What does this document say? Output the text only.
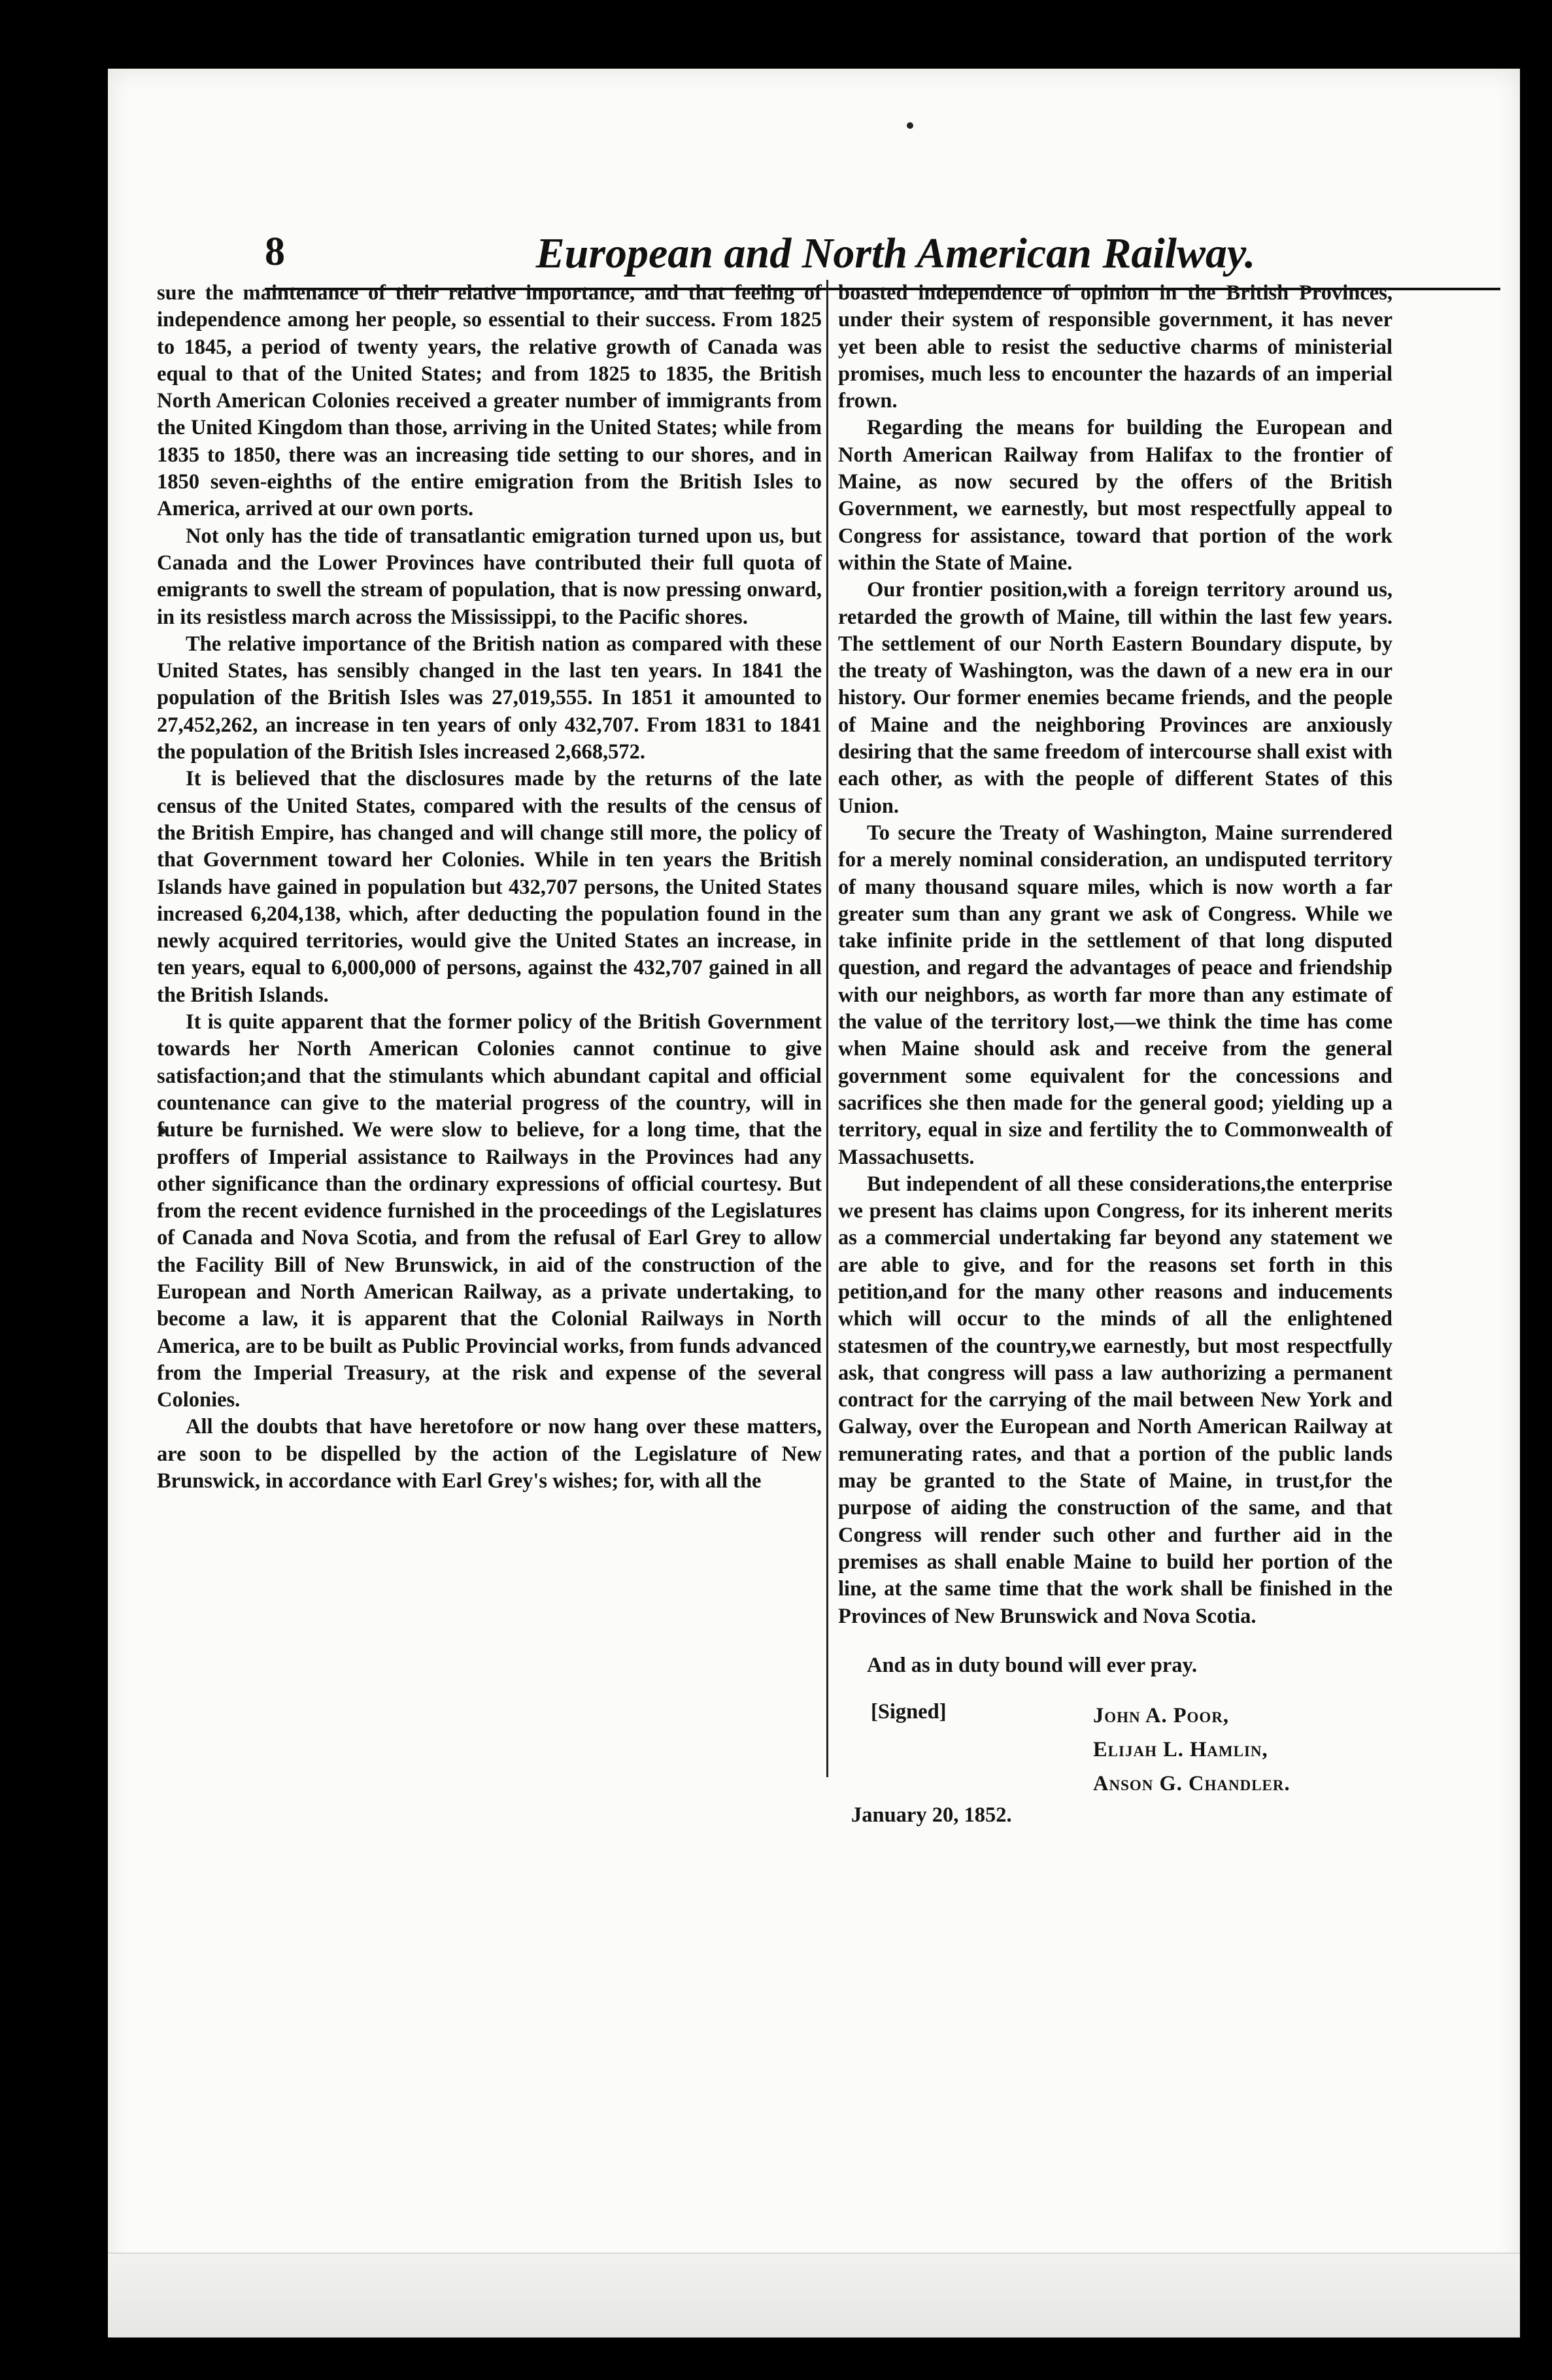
8	European and North American Railway.

sure the maintenance of their relative importance, and that feeling of independence among her people, so essential to their success. From 1825 to 1845, a period of twenty years, the relative growth of Canada was equal to that of the United States; and from 1825 to 1835, the British North American Colonies received a greater number of immigrants from the United Kingdom than those, arriving in the United States; while from 1835 to 1850, there was an increasing tide setting to our shores, and in 1850 seven-eighths of the entire emigration from the British Isles to America, arrived at our own ports.

Not only has the tide of transatlantic emigration turned upon us, but Canada and the Lower Provinces have contributed their full quota of emigrants to swell the stream of population, that is now pressing onward, in its resistless march across the Mississippi, to the Pacific shores.

The relative importance of the British nation as compared with these United States, has sensibly changed in the last ten years. In 1841 the population of the British Isles was 27,019,555. In 1851 it amounted to 27,452,262, an increase in ten years of only 432,707. From 1831 to 1841 the population of the British Isles increased 2,668,572.

It is believed that the disclosures made by the returns of the late census of the United States, compared with the results of the census of the British Empire, has changed and will change still more, the policy of that Government toward her Colonies. While in ten years the British Islands have gained in population but 432,707 persons, the United States increased 6,204,138, which, after deducting the population found in the newly acquired territories, would give the United States an increase, in ten years, equal to 6,000,000 of persons, against the 432,707 gained in all the British Islands.

It is quite apparent that the former policy of the British Government towards her North American Colonies cannot continue to give satisfaction;and that the stimulants which abundant capital and official countenance can give to the material progress of the country, will in future be furnished. We were slow to believe, for a long time, that the proffers of Imperial assistance to Railways in the Provinces had any other significance than the ordinary expressions of official courtesy. But from the recent evidence furnished in the proceedings of the Legislatures of Canada and Nova Scotia, and from the refusal of Earl Grey to allow the Facility Bill of New Brunswick, in aid of the construction of the European and North American Railway, as a private undertaking, to become a law, it is apparent that the Colonial Railways in North America, are to be built as Public Provincial works, from funds advanced from the Imperial Treasury, at the risk and expense of the several Colonies.

All the doubts that have heretofore or now hang over these matters, are soon to be dispelled by the action of the Legislature of New Brunswick, in accordance with Earl Grey's wishes; for, with all the

boasted independence of opinion in the British Provinces, under their system of responsible government, it has never yet been able to resist the seductive charms of ministerial promises, much less to encounter the hazards of an imperial frown.

Regarding the means for building the European and North American Railway from Halifax to the frontier of Maine, as now secured by the offers of the British Government, we earnestly, but most respectfully appeal to Congress for assistance, toward that portion of the work within the State of Maine.

Our frontier position,with a foreign territory around us, retarded the growth of Maine, till within the last few years. The settlement of our North Eastern Boundary dispute, by the treaty of Washington, was the dawn of a new era in our history. Our former enemies became friends, and the people of Maine and the neighboring Provinces are anxiously desiring that the same freedom of intercourse shall exist with each other, as with the people of different States of this Union.

To secure the Treaty of Washington, Maine surrendered for a merely nominal consideration, an undisputed territory of many thousand square miles, which is now worth a far greater sum than any grant we ask of Congress. While we take infinite pride in the settlement of that long disputed question, and regard the advantages of peace and friendship with our neighbors, as worth far more than any estimate of the value of the territory lost,—we think the time has come when Maine should ask and receive from the general government some equivalent for the concessions and sacrifices she then made for the general good; yielding up a territory, equal in size and fertility the to Commonwealth of Massachusetts.

But independent of all these considerations,the enterprise we present has claims upon Congress, for its inherent merits as a commercial undertaking far beyond any statement we are able to give, and for the reasons set forth in this petition,and for the many other reasons and inducements which will occur to the minds of all the enlightened statesmen of the country,we earnestly, but most respectfully ask, that congress will pass a law authorizing a permanent contract for the carrying of the mail between New York and Galway, over the European and North American Railway at remunerating rates, and that a portion of the public lands may be granted to the State of Maine, in trust,for the purpose of aiding the construction of the same, and that Congress will render such other and further aid in the premises as shall enable Maine to build her portion of the line, at the same time that the work shall be finished in the Provinces of New Brunswick and Nova Scotia.

And as in duty bound will ever pray.

[Signed]	John A. Poor,
Elijah L. Hamlin,
Anson G. Chandler.
January 20, 1852.
